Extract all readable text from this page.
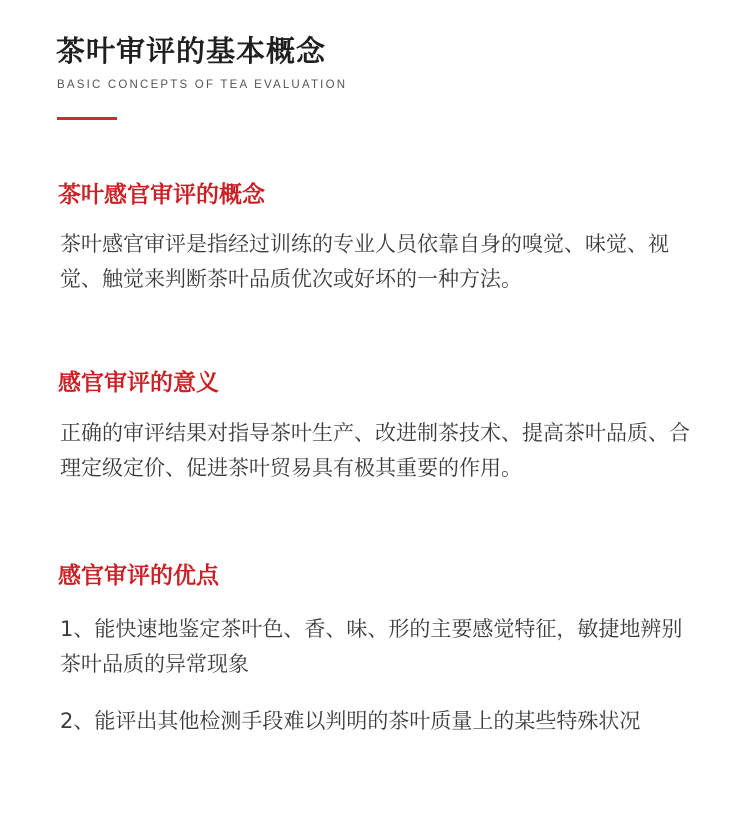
茶叶审评的基本概念
BASIC CONCEPTS OF TEA EVALUATION
茶叶感官审评的概念
茶叶感官审评是指经过训练的专业人员依靠自身的嗅觉、味觉、视觉、触觉来判断茶叶品质优次或好坏的一种方法。
感官审评的意义
正确的审评结果对指导茶叶生产、改进制茶技术、提高茶叶品质、合理定级定价、促进茶叶贸易具有极其重要的作用。
感官审评的优点
1、能快速地鉴定茶叶色、香、味、形的主要感觉特征，敏捷地辨别茶叶品质的异常现象
2、能评出其他检测手段难以判明的茶叶质量上的某些特殊状况
